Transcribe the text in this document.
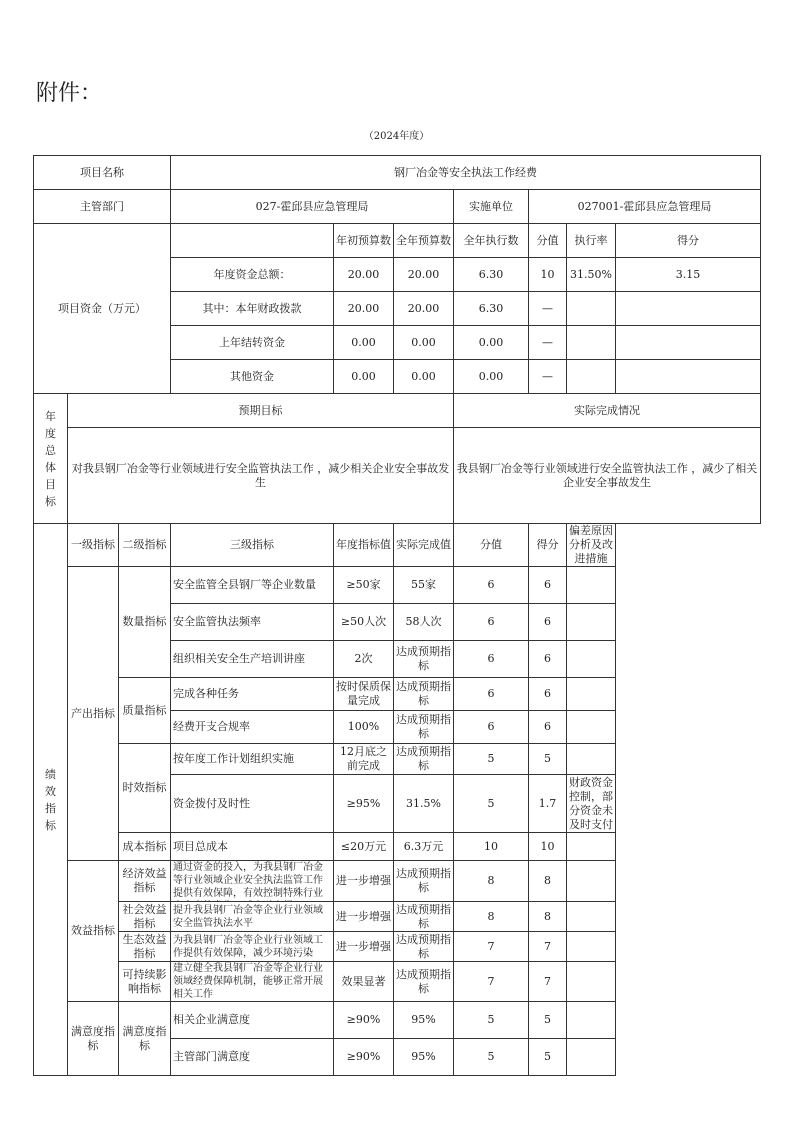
附件：
（2024年度）
项目名称			钢厂冶金等安全执法工作经费						
主管部门			027-霍邱县应急管理局			实施单位	027001-霍邱县应急管理局		
项目资金（万元）				年初预算数	全年预算数	全年执行数	分值	执行率	得分
			年度资金总额：	20.00	20.00	6.30	10	31.50%	3.15
			其中：本年财政拨款	20.00	20.00	6.30	—		
			上年结转资金	0.00	0.00	0.00	—		
			其他资金	0.00	0.00	0.00	—		

年度总体目标	预期目标					实际完成情况			
	对我县钢厂冶金等行业领域进行安全监管执法工作 ，减少相关企业安全事故发生					我县钢厂冶金等行业领域进行安全监管执法工作 ，减少了相关企业安全事故发生			

绩效指标	一级指标	二级指标	三级指标	年度指标值	实际完成值	分值	得分	偏差原因分析及改进措施	
	产出指标	数量指标	安全监管全县钢厂等企业数量	≥50家	55家	6	6		
			安全监管执法频率	≥50人次	58人次	6	6		
			组织相关安全生产培训讲座	2次	达成预期指标	6	6		
		质量指标	完成各种任务	按时保质保量完成	达成预期指标	6	6		
			经费开支合规率	100%	达成预期指标	6	6		
		时效指标	按年度工作计划组织实施	12月底之前完成	达成预期指标	5	5		
			资金拨付及时性	≥95%	31.5%	5	1.7	财政资金控制，部分资金未及时支付	
		成本指标	项目总成本	≤20万元	6.3万元	10	10		
	效益指标	经济效益指标	通过资金的投入，为我县钢厂冶金等行业领域企业安全执法监管工作提供有效保障，有效控制特殊行业	进一步增强	达成预期指标	8	8		
		社会效益指标	提升我县钢厂冶金等企业行业领域安全监管执法水平	进一步增强	达成预期指标	8	8		
		生态效益指标	为我县钢厂冶金等企业行业领域工作提供有效保障，减少环境污染	进一步增强	达成预期指标	7	7		
		可持续影响指标	建立健全我县钢厂冶金等企业行业领域经费保障机制，能够正常开展相关工作	效果显著	达成预期指标	7	7		
	满意度指标	满意度指标	相关企业满意度	≥90%	95%	5	5		
			主管部门满意度	≥90%	95%	5	5		
